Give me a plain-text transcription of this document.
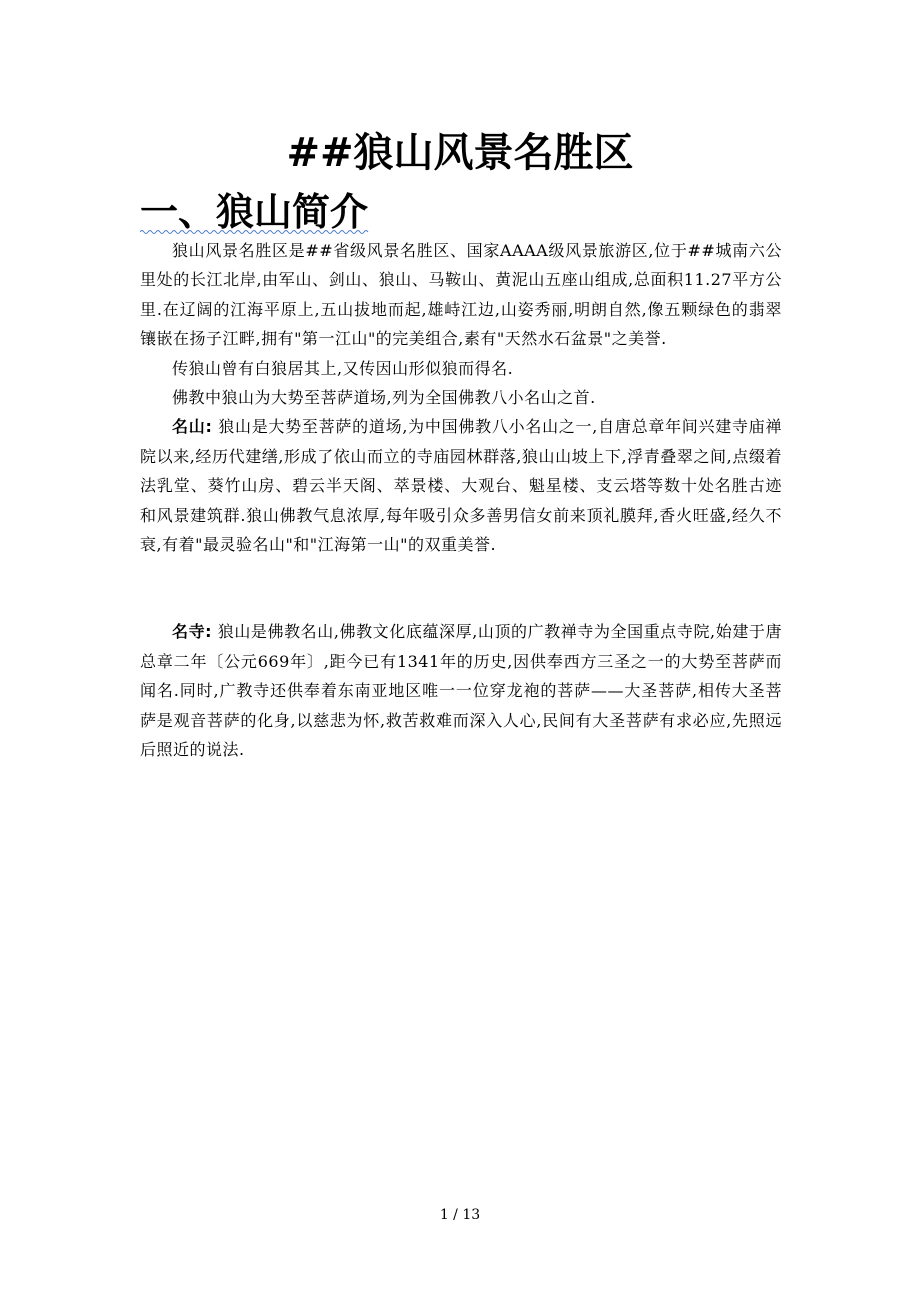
##狼山风景名胜区
一、狼山简介

狼山风景名胜区是##省级风景名胜区、国家AAAA级风景旅游区,位于##城南六公里处的长江北岸,由军山、剑山、狼山、马鞍山、黄泥山五座山组成,总面积11.27平方公里.在辽阔的江海平原上,五山拔地而起,雄峙江边,山姿秀丽,明朗自然,像五颗绿色的翡翠镶嵌在扬子江畔,拥有"第一江山"的完美组合,素有"天然水石盆景"之美誉.

传狼山曾有白狼居其上,又传因山形似狼而得名.

佛教中狼山为大势至菩萨道场,列为全国佛教八小名山之首.

名山: 狼山是大势至菩萨的道场,为中国佛教八小名山之一,自唐总章年间兴建寺庙禅院以来,经历代建缮,形成了依山而立的寺庙园林群落,狼山山坡上下,浮青叠翠之间,点缀着法乳堂、葵竹山房、碧云半天阁、萃景楼、大观台、魁星楼、支云塔等数十处名胜古迹和风景建筑群.狼山佛教气息浓厚,每年吸引众多善男信女前来顶礼膜拜,香火旺盛,经久不衰,有着"最灵验名山"和"江海第一山"的双重美誉.

名寺: 狼山是佛教名山,佛教文化底蕴深厚,山顶的广教禅寺为全国重点寺院,始建于唐总章二年〔公元669年〕,距今已有1341年的历史,因供奉西方三圣之一的大势至菩萨而闻名.同时,广教寺还供奉着东南亚地区唯一一位穿龙袍的菩萨——大圣菩萨,相传大圣菩萨是观音菩萨的化身,以慈悲为怀,救苦救难而深入人心,民间有大圣菩萨有求必应,先照远后照近的说法.

1 / 13
